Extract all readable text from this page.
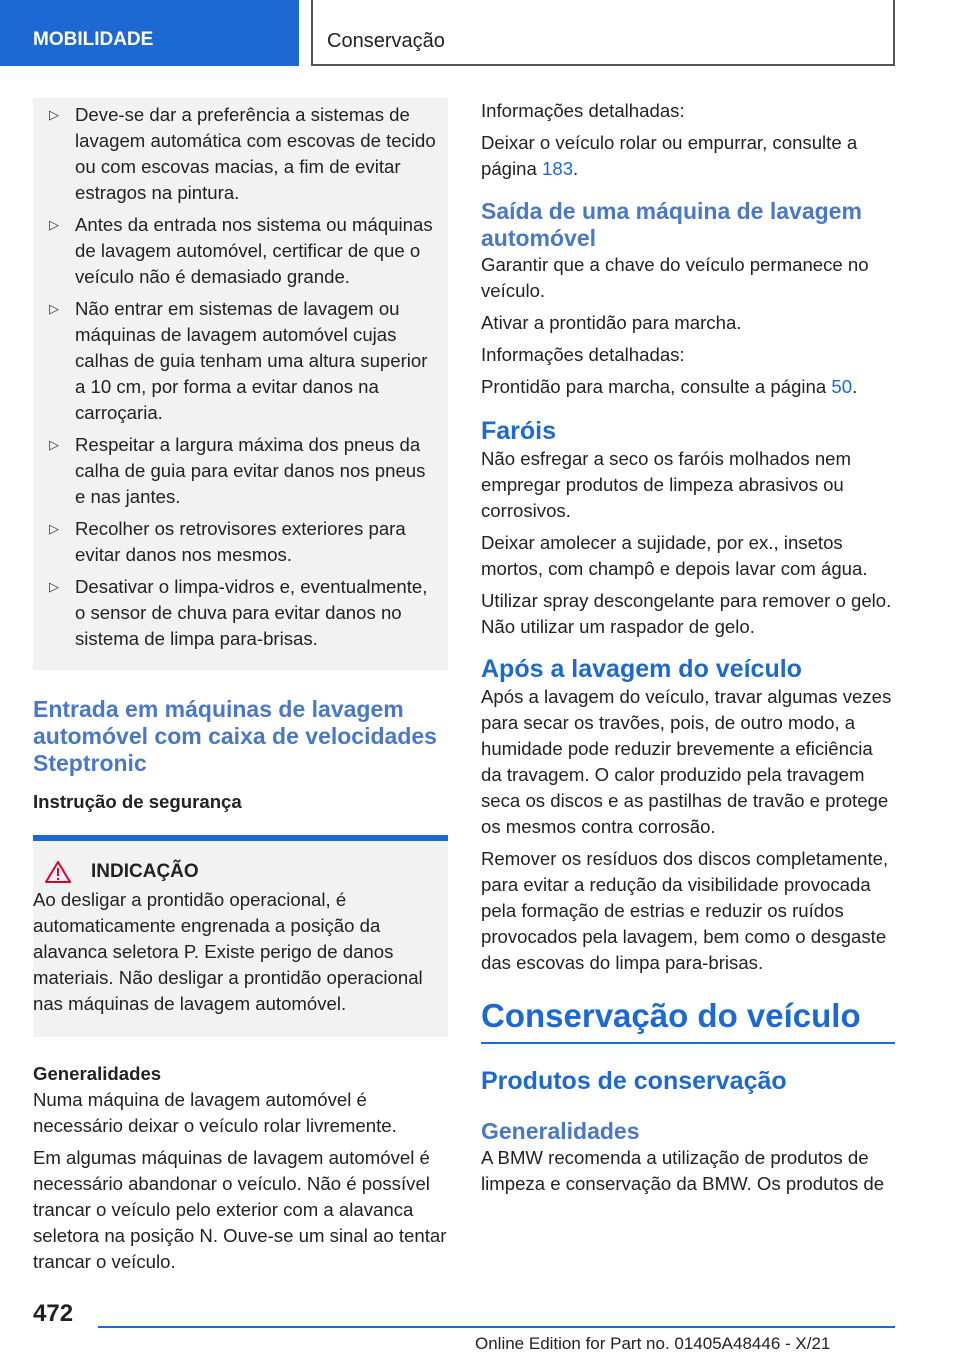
MOBILIDADE	Conservação
▷ Deve-se dar a preferência a sistemas de lavagem automática com escovas de tecido ou com escovas macias, a fim de evitar estragos na pintura.
▷ Antes da entrada nos sistema ou máquinas de lavagem automóvel, certificar de que o veículo não é demasiado grande.
▷ Não entrar em sistemas de lavagem ou máquinas de lavagem automóvel cujas calhas de guia tenham uma altura superior a 10 cm, por forma a evitar danos na carroçaria.
▷ Respeitar a largura máxima dos pneus da calha de guia para evitar danos nos pneus e nas jantes.
▷ Recolher os retrovisores exteriores para evitar danos nos mesmos.
▷ Desativar o limpa-vidros e, eventualmente, o sensor de chuva para evitar danos no sistema de limpa para-brisas.
Entrada em máquinas de lavagem automóvel com caixa de velocidades Steptronic
Instrução de segurança
INDICAÇÃO

Ao desligar a prontidão operacional, é automaticamente engrenada a posição da alavanca seletora P. Existe perigo de danos materiais. Não desligar a prontidão operacional nas máquinas de lavagem automóvel.

Generalidades

Numa máquina de lavagem automóvel é necessário deixar o veículo rolar livremente.

Em algumas máquinas de lavagem automóvel é necessário abandonar o veículo. Não é possível trancar o veículo pelo exterior com a alavanca seletora na posição N. Ouve-se um sinal ao tentar trancar o veículo.

Informações detalhadas:

Deixar o veículo rolar ou empurrar, consulte a página 183.

Saída de uma máquina de lavagem automóvel

Garantir que a chave do veículo permanece no veículo.

Ativar a prontidão para marcha.

Informações detalhadas:

Prontidão para marcha, consulte a página 50.

Faróis

Não esfregar a seco os faróis molhados nem empregar produtos de limpeza abrasivos ou corrosivos.

Deixar amolecer a sujidade, por ex., insetos mortos, com champô e depois lavar com água.

Utilizar spray descongelante para remover o gelo. Não utilizar um raspador de gelo.

Após a lavagem do veículo

Após a lavagem do veículo, travar algumas vezes para secar os travões, pois, de outro modo, a humidade pode reduzir brevemente a eficiência da travagem. O calor produzido pela travagem seca os discos e as pastilhas de travão e protege os mesmos contra corrosão.

Remover os resíduos dos discos completamente, para evitar a redução da visibilidade provocada pela formação de estrias e reduzir os ruídos provocados pela lavagem, bem como o desgaste das escovas do limpa para-brisas.

Conservação do veículo
Produtos de conservação
Generalidades

A BMW recomenda a utilização de produtos de limpeza e conservação da BMW. Os produtos de

472
Online Edition for Part no. 01405A48446 - X/21
